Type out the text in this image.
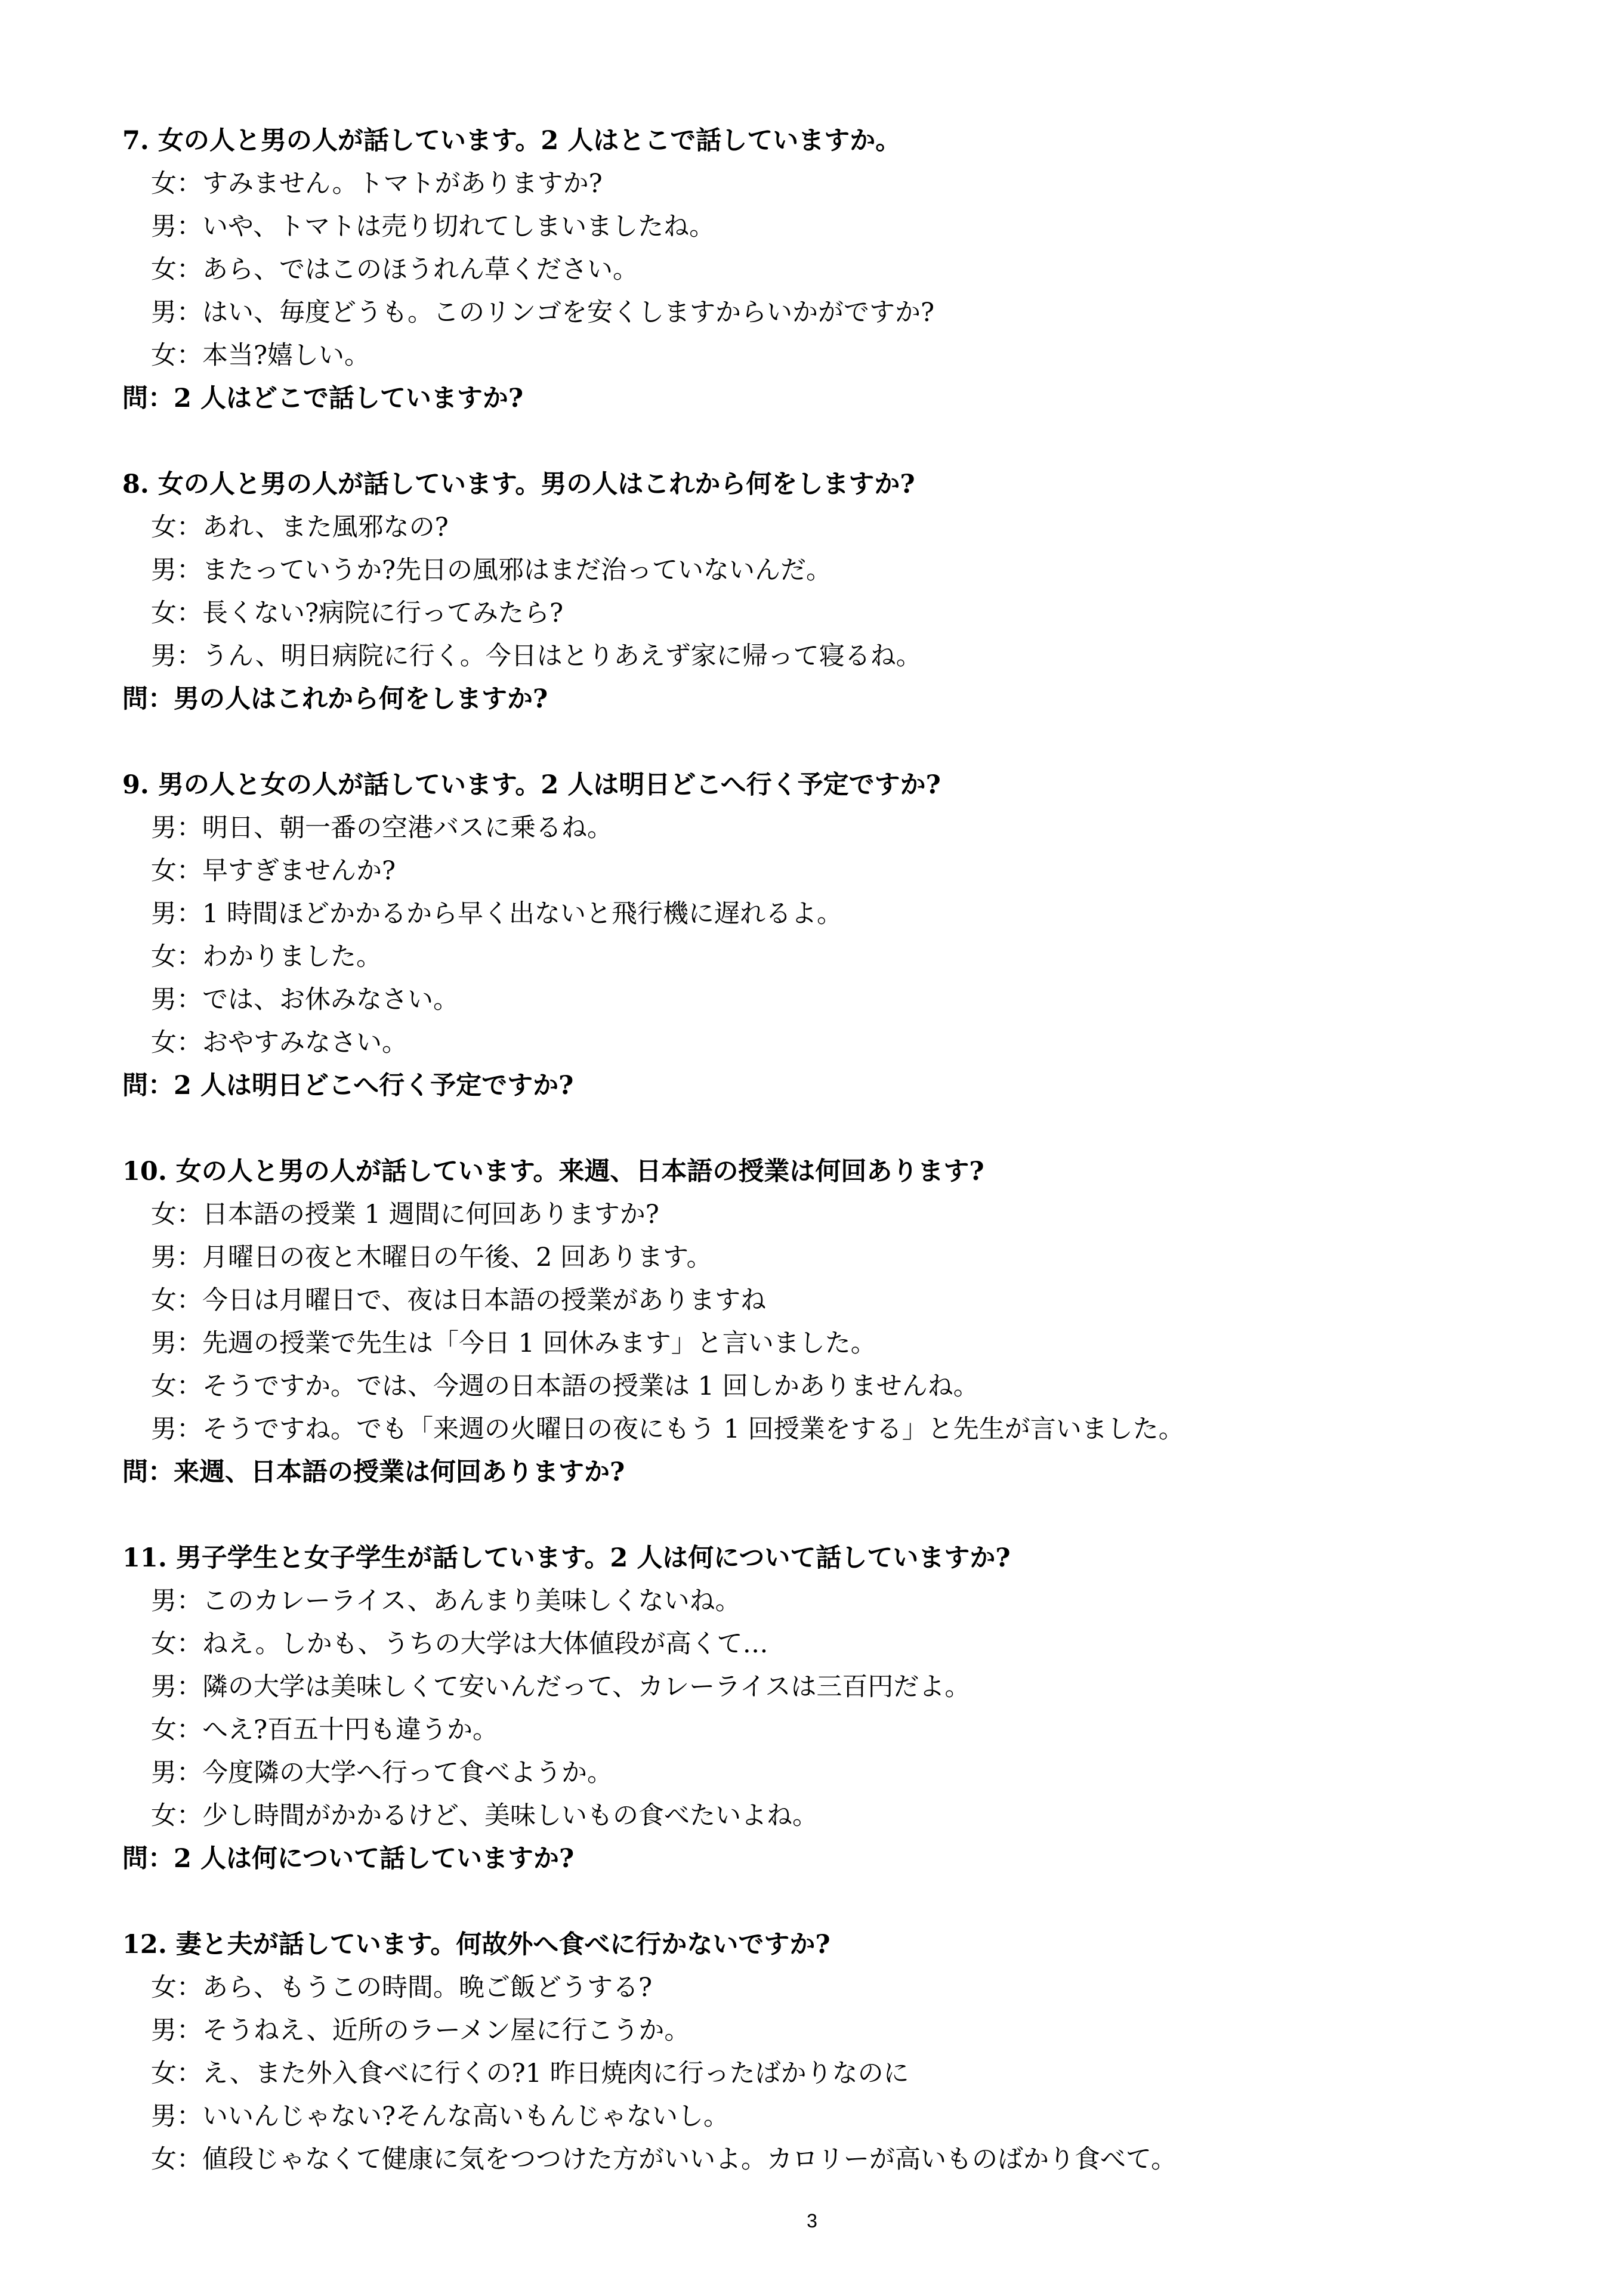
7. 女の人と男の人が話しています。2 人はとこで話していますか。
女：すみません。トマトがありますか?
男：いや、トマトは売り切れてしまいましたね。
女：あら、ではこのほうれん草ください。
男：はい、毎度どうも。このリンゴを安くしますからいかがですか?
女：本当?嬉しい。
問：2 人はどこで話していますか?
8. 女の人と男の人が話しています。男の人はこれから何をしますか?
女：あれ、また風邪なの?
男：またっていうか?先日の風邪はまだ治っていないんだ。
女：長くない?病院に行ってみたら?
男：うん、明日病院に行く。今日はとりあえず家に帰って寝るね。
問：男の人はこれから何をしますか?
9. 男の人と女の人が話しています。2 人は明日どこへ行く予定ですか?
男：明日、朝一番の空港バスに乗るね。
女：早すぎませんか?
男：1 時間ほどかかるから早く出ないと飛行機に遅れるよ。
女：わかりました。
男：では、お休みなさい。
女：おやすみなさい。
問：2 人は明日どこへ行く予定ですか?
10. 女の人と男の人が話しています。来週、日本語の授業は何回あります?
女：日本語の授業 1 週間に何回ありますか?
男：月曜日の夜と木曜日の午後、2 回あります。
女：今日は月曜日で、夜は日本語の授業がありますね
男：先週の授業で先生は「今日 1 回休みます」と言いました。
女：そうですか。では、今週の日本語の授業は 1 回しかありませんね。
男：そうですね。でも「来週の火曜日の夜にもう 1 回授業をする」と先生が言いました。
問：来週、日本語の授業は何回ありますか?
11. 男子学生と女子学生が話しています。2 人は何について話していますか?
男：このカレーライス、あんまり美味しくないね。
女：ねえ。しかも、うちの大学は大体値段が高くて…
男：隣の大学は美味しくて安いんだって、カレーライスは三百円だよ。
女：へえ?百五十円も違うか。
男：今度隣の大学へ行って食べようか。
女：少し時間がかかるけど、美味しいもの食べたいよね。
問：2 人は何について話していますか?
12. 妻と夫が話しています。何故外へ食べに行かないですか?
女：あら、もうこの時間。晩ご飯どうする?
男：そうねえ、近所のラーメン屋に行こうか。
女：え、また外入食べに行くの?1 昨日焼肉に行ったばかりなのに
男：いいんじゃない?そんな高いもんじゃないし。
女：値段じゃなくて健康に気をつつけた方がいいよ。カロリーが高いものばかり食べて。
3
